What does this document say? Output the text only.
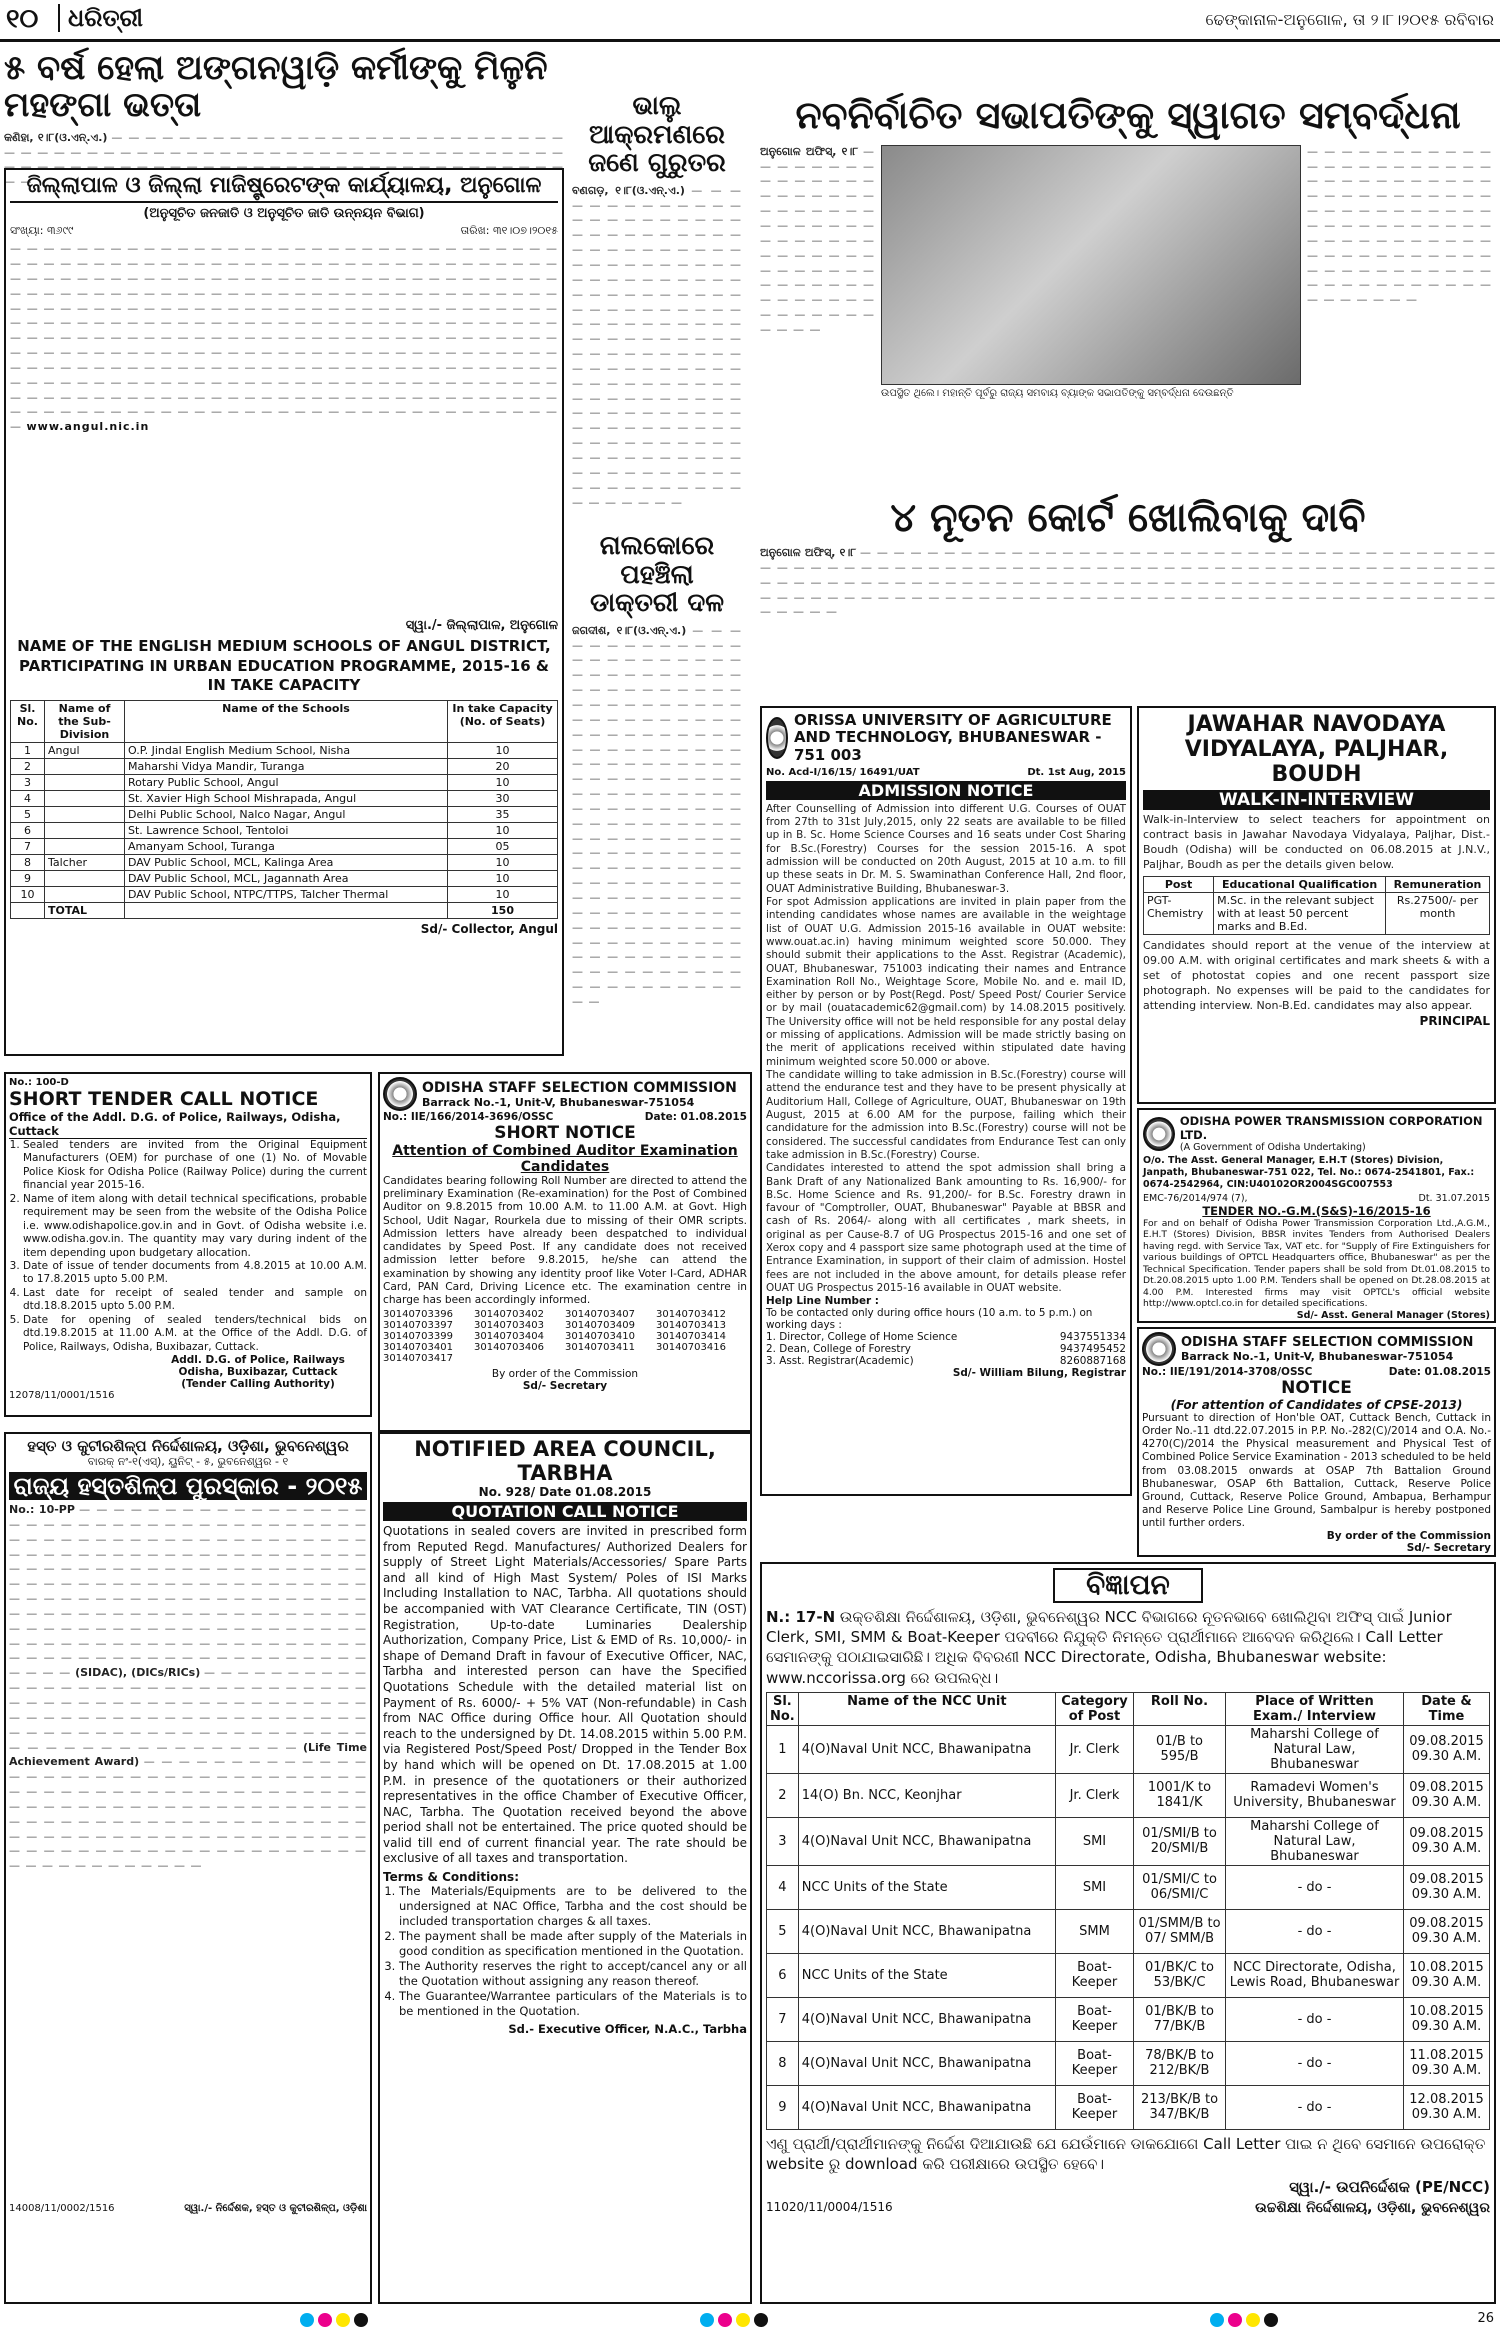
୧୦	ଧରିତ୍ରୀ	ଢେଙ୍କାନାଳ-ଅନୁଗୋଳ, ତା ୨।୮।୨୦୧୫ ରବିବାର
୫ ବର୍ଷ ହେଲା ଅଙ୍ଗନୱାଡ଼ି କର୍ମୀଙ୍କୁ ମିଳୁନି ମହଙ୍ଗା ଭତ୍ତା
କଣିହା, ୧।୮(ଓ.ଏନ୍.ଏ.) — — — — — — — — — — — — — — — — — — — — — — — — — — — — — — — — — — — — — — — — — — — — — — — — — — — — — — — — — — — — — — — — — — — — — — — — — — — — — — — — — — — — — — — — — — — — — — — — —
ଜିଲ୍ଲାପାଳ ଓ ଜିଲ୍ଲା ମାଜିଷ୍ଟ୍ରେଟଙ୍କ କାର୍ଯ୍ୟାଳୟ, ଅନୁଗୋଳ
(ଅନୁସୂଚିତ ଜନଜାତି ଓ ଅନୁସୂଚିତ ଜାତି ଉନ୍ନୟନ ବିଭାଗ)
ସଂଖ୍ୟା: ୩୬୯୯	ତାରିଖ: ୩୧।୦୭।୨୦୧୫
— — — — — — — — — — — — — — — — — — — — — — — — — — — — — — — — — — — — — — — — — — — — — — — — — — — — — — — — — — — — — — — — — — — — — — — — — — — — — — — — — — — — — — — — — — — — — — — — — — — — — — — — — — — — — — — — — — — — — — — — — — — — — — — — — — — — — — — — — — — — — — — — — — — — — — — — — — — — — — — — — — — — — — — — — — — — — — — — — — — — — — — — — — — — — — — — — — — — — — — — — — — — — — — — — — — — — — — — — — — — — — — — — — — — — — — — — — — — — — — — — — — — — — — — — — — — — — — — — — — — — — — — — — — — — — — — — — — — — — — — — — — — — — — — — — — — — — — — — — — — — — — — — — — — — — — — — — — — — — — — — — — — — — — — — — — — — — — — — — — — — — — — — — — — — — — — — — — — — — — — — — — — — — — — — — — — — — — — — — — — — — — — — — — — — — — — — — — — — www.angul.nic.in
ସ୍ୱା./- ଜିଲ୍ଲାପାଳ, ଅନୁଗୋଳ
NAME OF THE ENGLISH MEDIUM SCHOOLS OF ANGUL DISTRICT, PARTICIPATING IN URBAN EDUCATION PROGRAMME, 2015-16 & IN TAKE CAPACITY
Sl. No.	Name of the Sub-Division	Name of the Schools	In take Capacity (No. of Seats)
1	Angul	O.P. Jindal English Medium School, Nisha	10
2		Maharshi Vidya Mandir, Turanga	20
3		Rotary Public School, Angul	10
4		St. Xavier High School Mishrapada, Angul	30
5		Delhi Public School, Nalco Nagar, Angul	35
6		St. Lawrence School, Tentoloi	10
7		Amanyam School, Turanga	05
8	Talcher	DAV Public School, MCL, Kalinga Area	10
9		DAV Public School, MCL, Jagannath Area	10
10		DAV Public School, NTPC/TTPS, Talcher Thermal	10
	TOTAL		150
Sd/- Collector, Angul
ଭାଲୁ ଆକ୍ରମଣରେ ଜଣେ ଗୁରୁତର
ବଣଗଡ଼, ୧।୮(ଓ.ଏନ୍.ଏ.) — — — — — — — — — — — — — — — — — — — — — — — — — — — — — — — — — — — — — — — — — — — — — — — — — — — — — — — — — — — — — — — — — — — — — — — — — — — — — — — — — — — — — — — — — — — — — — — — — — — — — — — — — — — — — — — — — — — — — — — — — — — — — — — — — — — — — — — — — — — — — — — — — — — — — — — — — — — — — — — — — — — — — — — — — — — — — — — — — — — — — — — — — — — — — — — — — — — — — — — — — — — — — — — — — —
ନାଲକୋରେ ପହଞ୍ଚିଲା ଡାକ୍ତରୀ ଦଳ
ଜଗଦୀଶ, ୧।୮(ଓ.ଏନ୍.ଏ.) — — — — — — — — — — — — — — — — — — — — — — — — — — — — — — — — — — — — — — — — — — — — — — — — — — — — — — — — — — — — — — — — — — — — — — — — — — — — — — — — — — — — — — — — — — — — — — — — — — — — — — — — — — — — — — — — — — — — — — — — — — — — — — — — — — — — — — — — — — — — — — — — — — — — — — — — — — — — — — — — — — — — — — — — — — — — — — — — — — — — — — — — — — — — — — — — — — — — — — — — — — — — — — — — — — — — — — — — — — — — — — — — — — — — — — — — — — — — — — — — — — — — —
ନବନିର୍ବାଚିତ ସଭାପତିଙ୍କୁ ସ୍ୱାଗତ ସମ୍ବର୍ଦ୍ଧନା
ଅନୁଗୋଳ ଅଫିସ୍, ୧।୮ — — — — — — — — — — — — — — — — — — — — — — — — — — — — — — — — — — — — — — — — — — — — — — — — — — — — — — — — — — — — — — — — — — — — — — — — — — — — — — — — — —
ଉପସ୍ଥିତ ଥିଲେ। ମହାନ୍ତି ପୂର୍ବରୁ ରାଜ୍ୟ ସମବାୟ ବ୍ୟାଙ୍କ ସଭାପତିଙ୍କୁ ସମ୍ବର୍ଦ୍ଧନା ଦେଉଛନ୍ତି
— — — — — — — — — — — — — — — — — — — — — — — — — — — — — — — — — — — — — — — — — — — — — — — — — — — — — — — — — — — — — — — — — — — — — — — — — — — — — — — — — — — — — — — — — — — — — — — — — — — — — — — — — — — — — — — — — — — — —
୪ ନୂତନ କୋର୍ଟ ଖୋଲିବାକୁ ଦାବି
ଅନୁଗୋଳ ଅଫିସ୍, ୧।୮ — — — — — — — — — — — — — — — — — — — — — — — — — — — — — — — — — — — — — — — — — — — — — — — — — — — — — — — — — — — — — — — — — — — — — — — — — — — — — — — — — — — — — — — — — — — — — — — — — — — — — — — — — — — — — — — — — — — — — — — — — — — — — — — — — — — — — — — — — — — — — — — — — — — — — — — — — — — — — — — — — — — — — — — — — — — — — — —
ORISSA UNIVERSITY OF AGRICULTURE AND TECHNOLOGY, BHUBANESWAR - 751 003
No. Acd-I/16/15/ 16491/UAT	Dt. 1st Aug, 2015
ADMISSION NOTICE

After Counselling of Admission into different U.G. Courses of OUAT from 27th to 31st July,2015, only 22 seats are available to be filled up in B. Sc. Home Science Courses and 16 seats under Cost Sharing for B.Sc.(Forestry) Courses for the session 2015-16. A spot admission will be conducted on 20th August, 2015 at 10 a.m. to fill up these seats in Dr. M. S. Swaminathan Conference Hall, 2nd floor, OUAT Administrative Building, Bhubaneswar-3.

For spot Admission applications are invited in plain paper from the intending candidates whose names are available in the weightage list of OUAT U.G. Admission 2015-16 available in OUAT website: www.ouat.ac.in) having minimum weighted score 50.000. They should submit their applications to the Asst. Registrar (Academic), OUAT, Bhubaneswar, 751003 indicating their names and Entrance Examination Roll No., Weightage Score, Mobile No. and e. mail ID, either by person or by Post(Regd. Post/ Speed Post/ Courier Service or by mail (ouatacademic62@gmail.com) by 14.08.2015 positively. The University office will not be held responsible for any postal delay or missing of applications. Admission will be made strictly basing on the merit of applications received within stipulated date having minimum weighted score 50.000 or above.

The candidate willing to take admission in B.Sc.(Forestry) course will attend the endurance test and they have to be present physically at Auditorium Hall, College of Agriculture, OUAT, Bhubaneswar on 19th August, 2015 at 6.00 AM for the purpose, failing which their candidature for the admission into B.Sc.(Forestry) course will not be considered. The successful candidates from Endurance Test can only take admission in B.Sc.(Forestry) Course.

Candidates interested to attend the spot admission shall bring a Bank Draft of any Nationalized Bank amounting to Rs. 16,900/- for B.Sc. Home Science and Rs. 91,200/- for B.Sc. Forestry drawn in favour of "Comptroller, OUAT, Bhubaneswar" Payable at BBSR and cash of Rs. 2064/- along with all certificates , mark sheets, in original as per Cause-8.7 of UG Prospectus 2015-16 and one set of Xerox copy and 4 passport size same photograph used at the time of Entrance Examination, in support of their claim of admission. Hostel fees are not included in the above amount, for details please refer OUAT UG Prospectus 2015-16 available in OUAT website.

Help Line Number :
To be contacted only during office hours (10 a.m. to 5 p.m.) on working days :
1. Director, College of Home Science	9437551334
2. Dean, College of Forestry	9437495452
3. Asst. Registrar(Academic)	8260887168
Sd/- William Bilung, Registrar
JAWAHAR NAVODAYA
VIDYALAYA, PALJHAR, BOUDH
WALK-IN-INTERVIEW
Walk-in-Interview to select teachers for appointment on contract basis in Jawahar Navodaya Vidyalaya, Paljhar, Dist.- Boudh (Odisha) will be conducted on 06.08.2015 at J.N.V., Paljhar, Boudh as per the details given below.
Post	Educational Qualification	Remuneration
PGT-Chemistry	M.Sc. in the relevant subject with at least 50 percent marks and B.Ed.	Rs.27500/- per month
Candidates should report at the venue of the interview at 09.00 A.M. with original certificates and mark sheets & with a set of photostat copies and one recent passport size photograph. No expenses will be paid to the candidates for attending interview. Non-B.Ed. candidates may also appear.
PRINCIPAL
ODISHA POWER TRANSMISSION CORPORATION LTD.
(A Government of Odisha Undertaking)
O/o. The Asst. General Manager, E.H.T (Stores) Division, Janpath, Bhubaneswar-751 022, Tel. No.: 0674-2541801, Fax.: 0674-2542964, CIN:U40102OR2004SGC007553
EMC-76/2014/974 (7),	Dt. 31.07.2015
TENDER NO.-G.M.(S&S)-16/2015-16
For and on behalf of Odisha Power Transmission Corporation Ltd.,A.G.M., E.H.T (Stores) Division, BBSR invites Tenders from Authorised Dealers having regd. with Service Tax, VAT etc. for "Supply of Fire Extinguishers for various buildings of OPTCL Headquarters office, Bhubaneswar" as per the Technical Specification. Tender papers shall be sold from Dt.01.08.2015 to Dt.20.08.2015 upto 1.00 P.M. Tenders shall be opened on Dt.28.08.2015 at 4.00 P.M. Interested firms may visit OPTCL's official website http://www.optcl.co.in for detailed specifications.
Sd/- Asst. General Manager (Stores)
ODISHA STAFF SELECTION COMMISSION
Barrack No.-1, Unit-V, Bhubaneswar-751054
No.: IIE/191/2014-3708/OSSC	Date: 01.08.2015
NOTICE
(For attention of Candidates of CPSE-2013)
Pursuant to direction of Hon'ble OAT, Cuttack Bench, Cuttack in Order No.-11 dtd.22.07.2015 in P.P. No.-282(C)/2014 and O.A. No.- 4270(C)/2014 the Physical measurement and Physical Test of Combined Police Service Examination - 2013 scheduled to be held from 03.08.2015 onwards at OSAP 7th Battalion Ground Bhubaneswar, OSAP 6th Battalion, Cuttack, Reserve Police Ground, Cuttack, Reserve Police Ground, Ambapua, Berhampur and Reserve Police Line Ground, Sambalpur is hereby postponed until further orders.
By order of the Commission
Sd/- Secretary
No.: 100-D
SHORT TENDER CALL NOTICE
Office of the Addl. D.G. of Police, Railways, Odisha, Cuttack
1. Sealed tenders are invited from the Original Equipment Manufacturers (OEM) for purchase of one (1) No. of Movable Police Kiosk for Odisha Police (Railway Police) during the current financial year 2015-16.
2. Name of item along with detail technical specifications, probable requirement may be seen from the website of the Odisha Police i.e. www.odishapolice.gov.in and in Govt. of Odisha website i.e. www.odisha.gov.in. The quantity may vary during indent of the item depending upon budgetary allocation.
3. Date of issue of tender documents from 4.8.2015 at 10.00 A.M. to 17.8.2015 upto 5.00 P.M.
4. Last date for receipt of sealed tender and sample on dtd.18.8.2015 upto 5.00 P.M.
5. Date for opening of sealed tenders/technical bids on dtd.19.8.2015 at 11.00 A.M. at the Office of the Addl. D.G. of Police, Railways, Odisha, Buxibazar, Cuttack.
Addl. D.G. of Police, Railways
Odisha, Buxibazar, Cuttack
(Tender Calling Authority)
12078/11/0001/1516
ODISHA STAFF SELECTION COMMISSION
Barrack No.-1, Unit-V, Bhubaneswar-751054
No.: IIE/166/2014-3696/OSSC	Date: 01.08.2015
SHORT NOTICE
Attention of Combined Auditor Examination Candidates
Candidates bearing following Roll Number are directed to attend the preliminary Examination (Re-examination) for the Post of Combined Auditor on 9.8.2015 from 10.00 A.M. to 11.00 A.M. at Govt. High School, Udit Nagar, Rourkela due to missing of their OMR scripts. Admission letters have already been despatched to individual candidates by Speed Post. If any candidate does not received admission letter before 9.8.2015, he/she can attend the examination by showing any identity proof like Voter I-Card, ADHAR Card, PAN Card, Driving Licence etc. The examination centre in charge has been accordingly informed.
30140703396	30140703402	30140703407	30140703412
30140703397	30140703403	30140703409	30140703413
30140703399	30140703404	30140703410	30140703414
30140703401	30140703406	30140703411	30140703416
30140703417
By order of the Commission
Sd/- Secretary
ହସ୍ତ ଓ କୁଟୀରଶିଳ୍ପ ନିର୍ଦ୍ଦେଶାଳୟ, ଓଡ଼ିଶା, ଭୁବନେଶ୍ୱର
ବାରକ୍ ନଂ-୧(ଏସ୍), ୟୁନିଟ୍ - ୫, ଭୁବନେଶ୍ୱର - ୧
ରାଜ୍ୟ ହସ୍ତଶିଳ୍ପ ପୁରସ୍କାର - ୨୦୧୫
No.: 10-PP — — — — — — — — — — — — — — — — — — — — — — — — — — — — — — — — — — — — — — — — — — — — — — — — — — — — — — — — — — — — — — — — — — — — — — — — — — — — — — — — — — — — — — — — — — — — — — — — — — — — — — — — — — — — — — — — — — — — — — — — — — — — — — — — — — — — — — — — — — — — — — — — — — — — — — — — — — — — — — — — — — — — — — — — — — — — — — — — — — — — — — — — — — — — — — — — — — — — — — — — — — — — — — — — — — — — — — — — — — — — — — — — — — — — — — — (SIDAC), (DICs/RICs) — — — — — — — — — — — — — — — — — — — — — — — — — — — — — — — — — — — — — — — — — — — — — — — — — — — — — — — — — — — — — — — — — — — — — — — — — — — — — — — — — — — — — — — — — — — — — — — — — — — — — — — — — — — — — — (Life Time Achievement Award) — — — — — — — — — — — — — — — — — — — — — — — — — — — — — — — — — — — — — — — — — — — — — — — — — — — — — — — — — — — — — — — — — — — — — — — — — — — — — — — — — — — — — — — — — — — — — — — — — — — — — — — — — — — — — — — — — — — — — — — — — — — — — — — — — — — — — — — — — — — — — — — — — — — — — — —
14008/11/0002/1516	ସ୍ୱା./- ନିର୍ଦ୍ଦେଶକ, ହସ୍ତ ଓ କୁଟୀରଶିଳ୍ପ, ଓଡ଼ିଶା
NOTIFIED AREA COUNCIL, TARBHA
No. 928/ Date 01.08.2015
QUOTATION CALL NOTICE
Quotations in sealed covers are invited in prescribed form from Reputed Regd. Manufactures/ Authorized Dealers for supply of Street Light Materials/Accessories/ Spare Parts and all kind of High Mast System/ Poles of ISI Marks Including Installation to NAC, Tarbha. All quotations should be accompanied with VAT Clearance Certificate, TIN (OST) Registration, Up-to-date Luminaries Dealership Authorization, Company Price, List & EMD of Rs. 10,000/- in shape of Demand Draft in favour of Executive Officer, NAC, Tarbha and interested person can have the Specified Quotations Schedule with the detailed material list on Payment of Rs. 6000/- + 5% VAT (Non-refundable) in Cash from NAC Office during Office hour. All Quotation should reach to the undersigned by Dt. 14.08.2015 within 5.00 P.M. via Registered Post/Speed Post/ Dropped in the Tender Box by hand which will be opened on Dt. 17.08.2015 at 1.00 P.M. in presence of the quotationers or their authorized representatives in the office Chamber of Executive Officer, NAC, Tarbha. The Quotation received beyond the above period shall not be entertained. The price quoted should be valid till end of current financial year. The rate should be exclusive of all taxes and transportation.
Terms & Conditions:
1. The Materials/Equipments are to be delivered to the undersigned at NAC Office, Tarbha and the cost should be included transportation charges & all taxes.
2. The payment shall be made after supply of the Materials in good condition as specification mentioned in the Quotation.
3. The Authority reserves the right to accept/cancel any or all the Quotation without assigning any reason thereof.
4. The Guarantee/Warrantee particulars of the Materials is to be mentioned in the Quotation.
Sd.- Executive Officer, N.A.C., Tarbha
ବିଜ୍ଞାପନ
N.: 17-N ଉକ୍ତଶିକ୍ଷା ନିର୍ଦ୍ଦେଶାଳୟ, ଓଡ଼ିଶା, ଭୁବନେଶ୍ୱର NCC ବିଭାଗରେ ନୂତନଭାବେ ଖୋଲିଥିବା ଅଫିସ୍ ପାଇଁ Junior Clerk, SMI, SMM & Boat-Keeper ପଦବୀରେ ନିଯୁକ୍ତି ନିମନ୍ତେ ପ୍ରାର୍ଥୀମାନେ ଆବେଦନ କରିଥିଲେ। Call Letter ସେମାନଙ୍କୁ ପଠାଯାଇସାରିଛି। ଅଧିକ ବିବରଣୀ NCC Directorate, Odisha, Bhubaneswar website: www.nccorissa.org ରେ ଉପଲବ୍ଧ।
Sl. No.	Name of the NCC Unit	Category of Post	Roll No.	Place of Written Exam./ Interview	Date & Time
1	4(O)Naval Unit NCC, Bhawanipatna	Jr. Clerk	01/B to 595/B	Maharshi College of Natural Law, Bhubaneswar	09.08.2015 09.30 A.M.
2	14(O) Bn. NCC, Keonjhar	Jr. Clerk	1001/K to 1841/K	Ramadevi Women's University, Bhubaneswar	09.08.2015 09.30 A.M.
3	4(O)Naval Unit NCC, Bhawanipatna	SMI	01/SMI/B to 20/SMI/B	Maharshi College of Natural Law, Bhubaneswar	09.08.2015 09.30 A.M.
4	NCC Units of the State	SMI	01/SMI/C to 06/SMI/C	- do -	09.08.2015 09.30 A.M.
5	4(O)Naval Unit NCC, Bhawanipatna	SMM	01/SMM/B to 07/ SMM/B	- do -	09.08.2015 09.30 A.M.
6	NCC Units of the State	Boat-Keeper	01/BK/C to 53/BK/C	NCC Directorate, Odisha, Lewis Road, Bhubaneswar	10.08.2015 09.30 A.M.
7	4(O)Naval Unit NCC, Bhawanipatna	Boat-Keeper	01/BK/B to 77/BK/B	- do -	10.08.2015 09.30 A.M.
8	4(O)Naval Unit NCC, Bhawanipatna	Boat-Keeper	78/BK/B to 212/BK/B	- do -	11.08.2015 09.30 A.M.
9	4(O)Naval Unit NCC, Bhawanipatna	Boat-Keeper	213/BK/B to 347/BK/B	- do -	12.08.2015 09.30 A.M.
ଏଣୁ ପ୍ରାର୍ଥୀ/ପ୍ରାର୍ଥୀମାନଙ୍କୁ ନିର୍ଦ୍ଦେଶ ଦିଆଯାଉଛି ଯେ ଯେଉଁମାନେ ଡାକଯୋଗେ Call Letter ପାଇ ନ ଥିବେ ସେମାନେ ଉପରୋକ୍ତ website ରୁ download କରି ପରୀକ୍ଷାରେ ଉପସ୍ଥିତ ହେବେ।
ସ୍ୱା./- ଉପନିର୍ଦ୍ଦେଶକ (PE/NCC)
11020/11/0004/1516	ଉଚ୍ଚଶିକ୍ଷା ନିର୍ଦ୍ଦେଶାଳୟ, ଓଡ଼ିଶା, ଭୁବନେଶ୍ୱର
26
